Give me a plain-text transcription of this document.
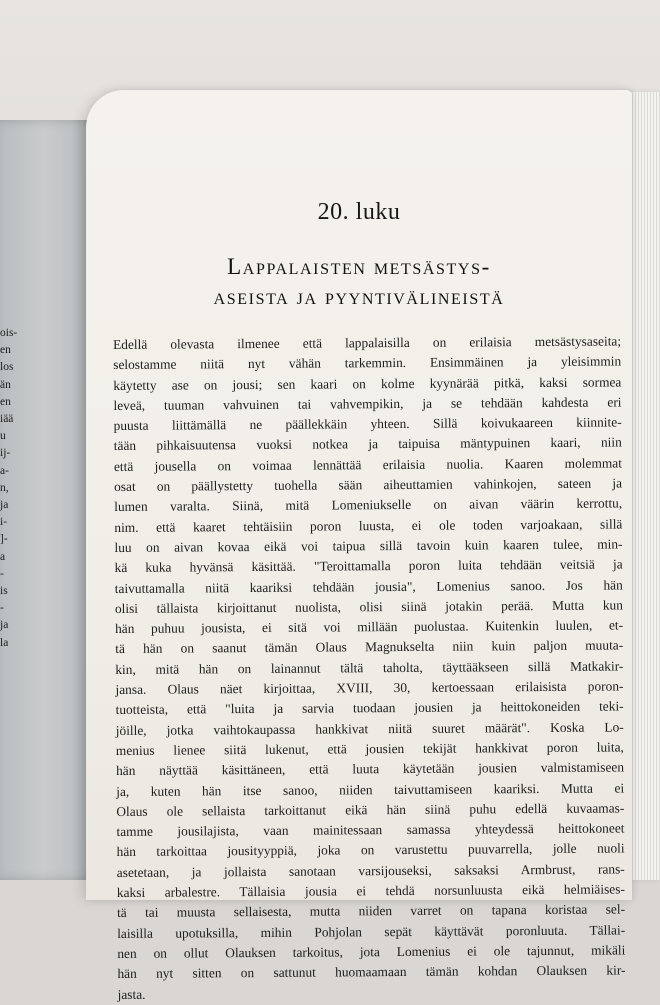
ois-
en
los
än
en
iää
u
ij-
a-
n,
ja
i-
]-
a
-
is
-
ja
la
20. luku
Lappalaisten metsästys-
aseista ja pyyntivälineistä
Edellä olevasta ilmenee että lappalaisilla on erilaisia metsästysaseita;
selostamme niitä nyt vähän tarkemmin. Ensimmäinen ja yleisimmin
käytetty ase on jousi; sen kaari on kolme kyynärää pitkä, kaksi sormea
leveä, tuuman vahvuinen tai vahvempikin, ja se tehdään kahdesta eri
puusta liittämällä ne päällekkäin yhteen. Sillä koivukaareen kiinnite-
tään pihkaisuutensa vuoksi notkea ja taipuisa mäntypuinen kaari, niin
että jousella on voimaa lennättää erilaisia nuolia. Kaaren molemmat
osat on päällystetty tuohella sään aiheuttamien vahinkojen, sateen ja
lumen varalta. Siinä, mitä Lomeniukselle on aivan väärin kerrottu,
nim. että kaaret tehtäisiin poron luusta, ei ole toden varjoakaan, sillä
luu on aivan kovaa eikä voi taipua sillä tavoin kuin kaaren tulee, min-
kä kuka hyvänsä käsittää. "Teroittamalla poron luita tehdään veitsiä ja
taivuttamalla niitä kaariksi tehdään jousia", Lomenius sanoo. Jos hän
olisi tällaista kirjoittanut nuolista, olisi siinä jotakin perää. Mutta kun
hän puhuu jousista, ei sitä voi millään puolustaa. Kuitenkin luulen, et-
tä hän on saanut tämän Olaus Magnukselta niin kuin paljon muuta-
kin, mitä hän on lainannut tältä taholta, täyttääkseen sillä Matkakir-
jansa. Olaus näet kirjoittaa, XVIII, 30, kertoessaan erilaisista poron-
tuotteista, että "luita ja sarvia tuodaan jousien ja heittokoneiden teki-
jöille, jotka vaihtokaupassa hankkivat niitä suuret määrät". Koska Lo-
menius lienee siitä lukenut, että jousien tekijät hankkivat poron luita,
hän näyttää käsittäneen, että luuta käytetään jousien valmistamiseen
ja, kuten hän itse sanoo, niiden taivuttamiseen kaariksi. Mutta ei
Olaus ole sellaista tarkoittanut eikä hän siinä puhu edellä kuvaamas-
tamme jousilajista, vaan mainitessaan samassa yhteydessä heittokoneet
hän tarkoittaa jousityyppiä, joka on varustettu puuvarrella, jolle nuoli
asetetaan, ja jollaista sanotaan varsijouseksi, saksaksi Armbrust, rans-
kaksi arbalestre. Tällaisia jousia ei tehdä norsunluusta eikä helmiäises-
tä tai muusta sellaisesta, mutta niiden varret on tapana koristaa sel-
laisilla upotuksilla, mihin Pohjolan sepät käyttävät poronluuta. Tällai-
nen on ollut Olauksen tarkoitus, jota Lomenius ei ole tajunnut, mikäli
hän nyt sitten on sattunut huomaamaan tämän kohdan Olauksen kir-
jasta.
